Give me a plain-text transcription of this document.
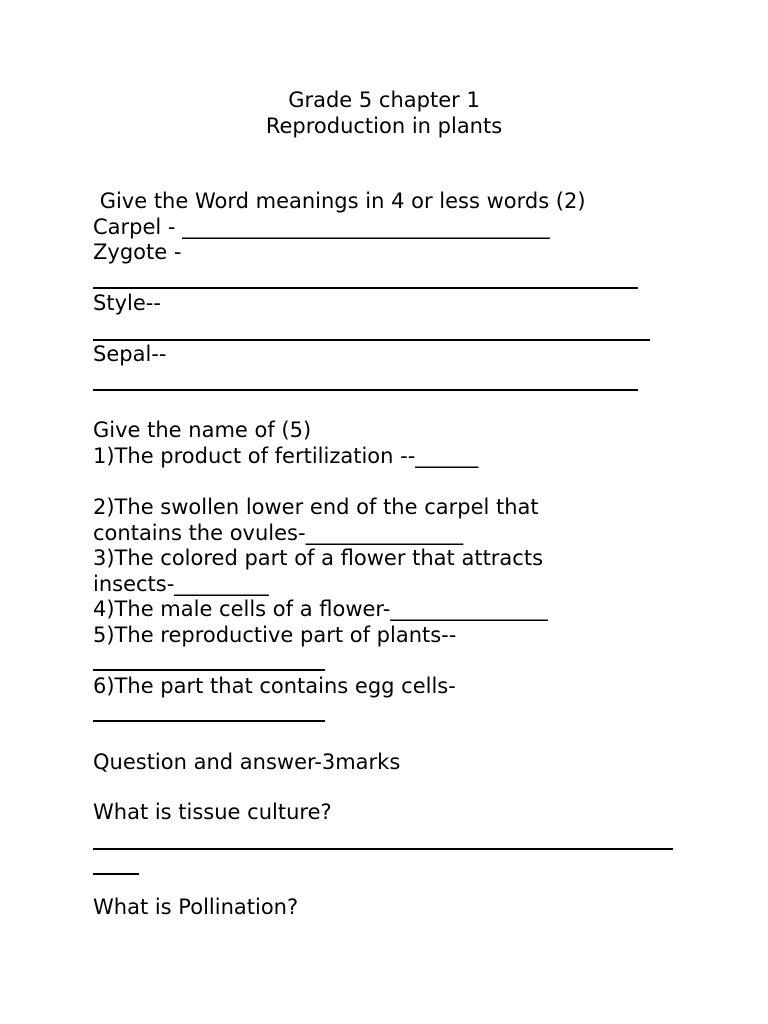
Grade 5 chapter 1
Reproduction in plants
Give the Word meanings in 4 or less words (2)
Carpel - ___________________________________
Zygote -
Style--
Sepal--
Give the name of (5)
1)The product of fertilization --______
2)The swollen lower end of the carpel that
contains the ovules-_______________
3)The colored part of a flower that attracts
insects-_________
4)The male cells of a flower-_______________
5)The reproductive part of plants--
6)The part that contains egg cells-
Question and answer-3marks
What is tissue culture?
What is Pollination?
